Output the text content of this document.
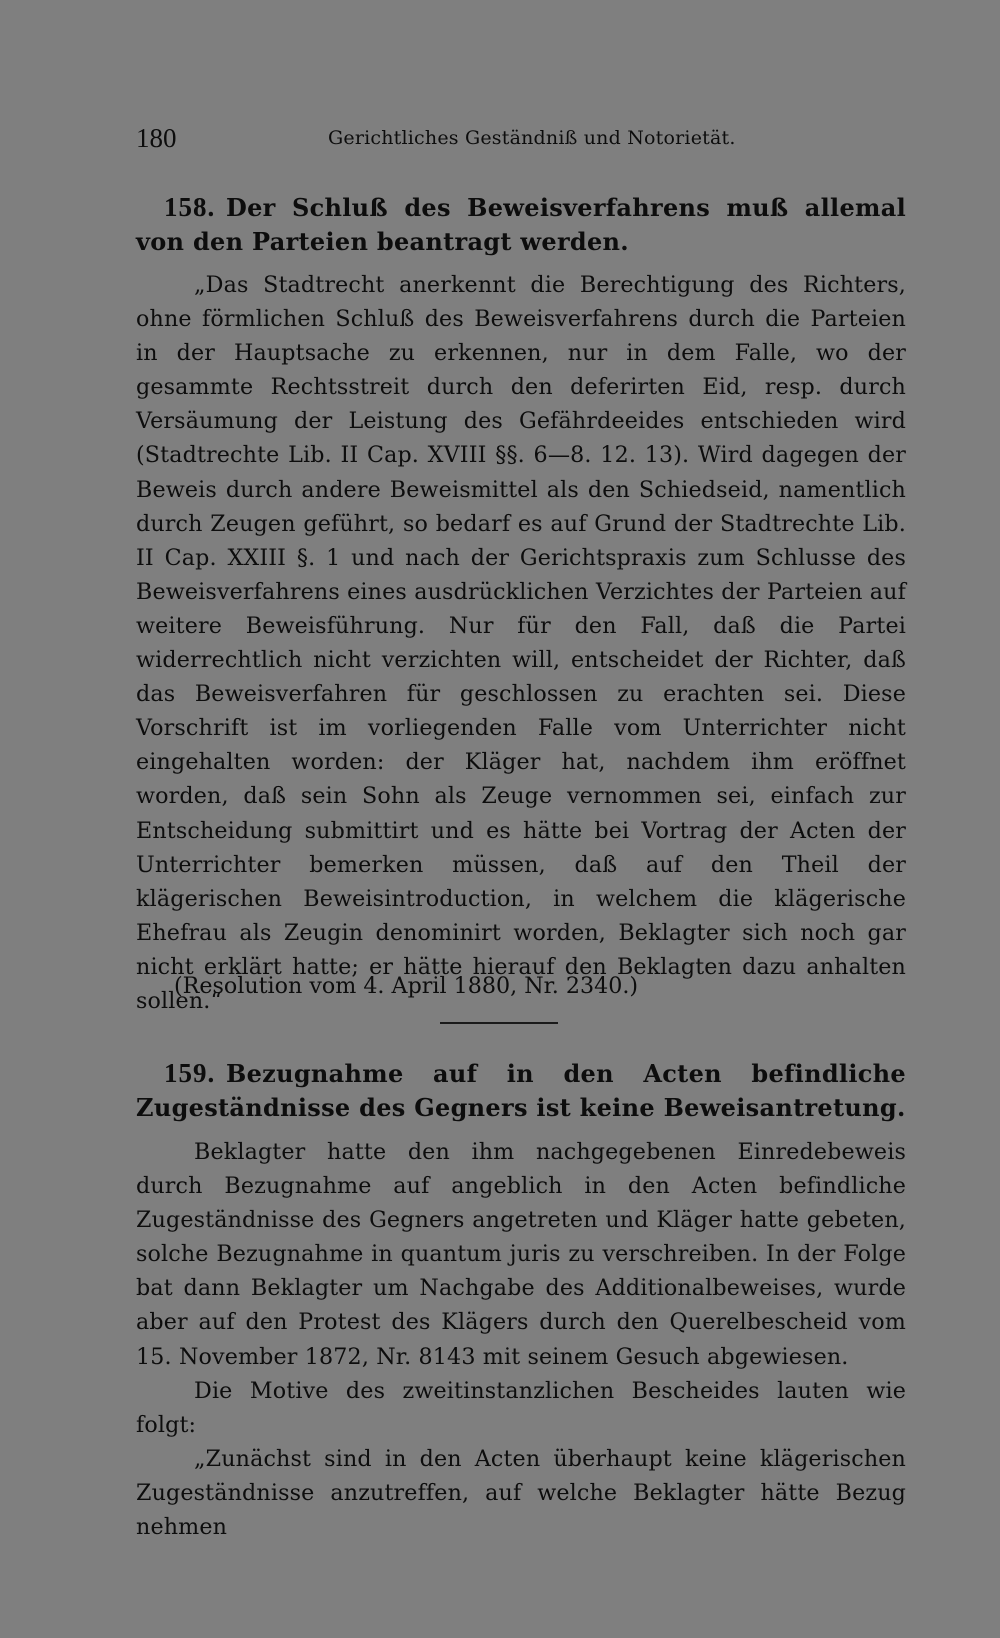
180	Gerichtliches Geständniß und Notorietät.
158. Der Schluß des Beweisverfahrens muß allemal von den Parteien beantragt werden.

„Das Stadtrecht anerkennt die Berechtigung des Richters, ohne förmlichen Schluß des Beweisverfahrens durch die Parteien in der Hauptsache zu erkennen, nur in dem Falle, wo der gesammte Rechtsstreit durch den deferirten Eid, resp. durch Versäumung der Leistung des Gefährdeeides entschieden wird (Stadtrechte Lib. II Cap. XVIII §§. 6—8. 12. 13). Wird dagegen der Beweis durch andere Beweismittel als den Schiedseid, namentlich durch Zeugen geführt, so bedarf es auf Grund der Stadtrechte Lib. II Cap. XXIII §. 1 und nach der Gerichtspraxis zum Schlusse des Beweisverfahrens eines ausdrücklichen Verzichtes der Parteien auf weitere Beweisführung. Nur für den Fall, daß die Partei widerrechtlich nicht verzichten will, entscheidet der Richter, daß das Beweisverfahren für geschlossen zu erachten sei. Diese Vorschrift ist im vorliegenden Falle vom Unterrichter nicht eingehalten worden: der Kläger hat, nachdem ihm eröffnet worden, daß sein Sohn als Zeuge vernommen sei, einfach zur Entscheidung submittirt und es hätte bei Vortrag der Acten der Unterrichter bemerken müssen, daß auf den Theil der klägerischen Beweisintroduction, in welchem die klägerische Ehefrau als Zeugin denominirt worden, Beklagter sich noch gar nicht erklärt hatte; er hätte hierauf den Beklagten dazu anhalten sollen.“

(Resolution vom 4. April 1880, Nr. 2340.)
159. Bezugnahme auf in den Acten befindliche Zugeständnisse des Gegners ist keine Beweisantretung.

Beklagter hatte den ihm nachgegebenen Einredebeweis durch Bezugnahme auf angeblich in den Acten befindliche Zugeständnisse des Gegners angetreten und Kläger hatte gebeten, solche Bezugnahme in quantum juris zu verschreiben. In der Folge bat dann Beklagter um Nachgabe des Additionalbeweises, wurde aber auf den Protest des Klägers durch den Querelbescheid vom 15. November 1872, Nr. 8143 mit seinem Gesuch abgewiesen.

Die Motive des zweitinstanzlichen Bescheides lauten wie folgt:

„Zunächst sind in den Acten überhaupt keine klägerischen Zugeständnisse anzutreffen, auf welche Beklagter hätte Bezug nehmen
